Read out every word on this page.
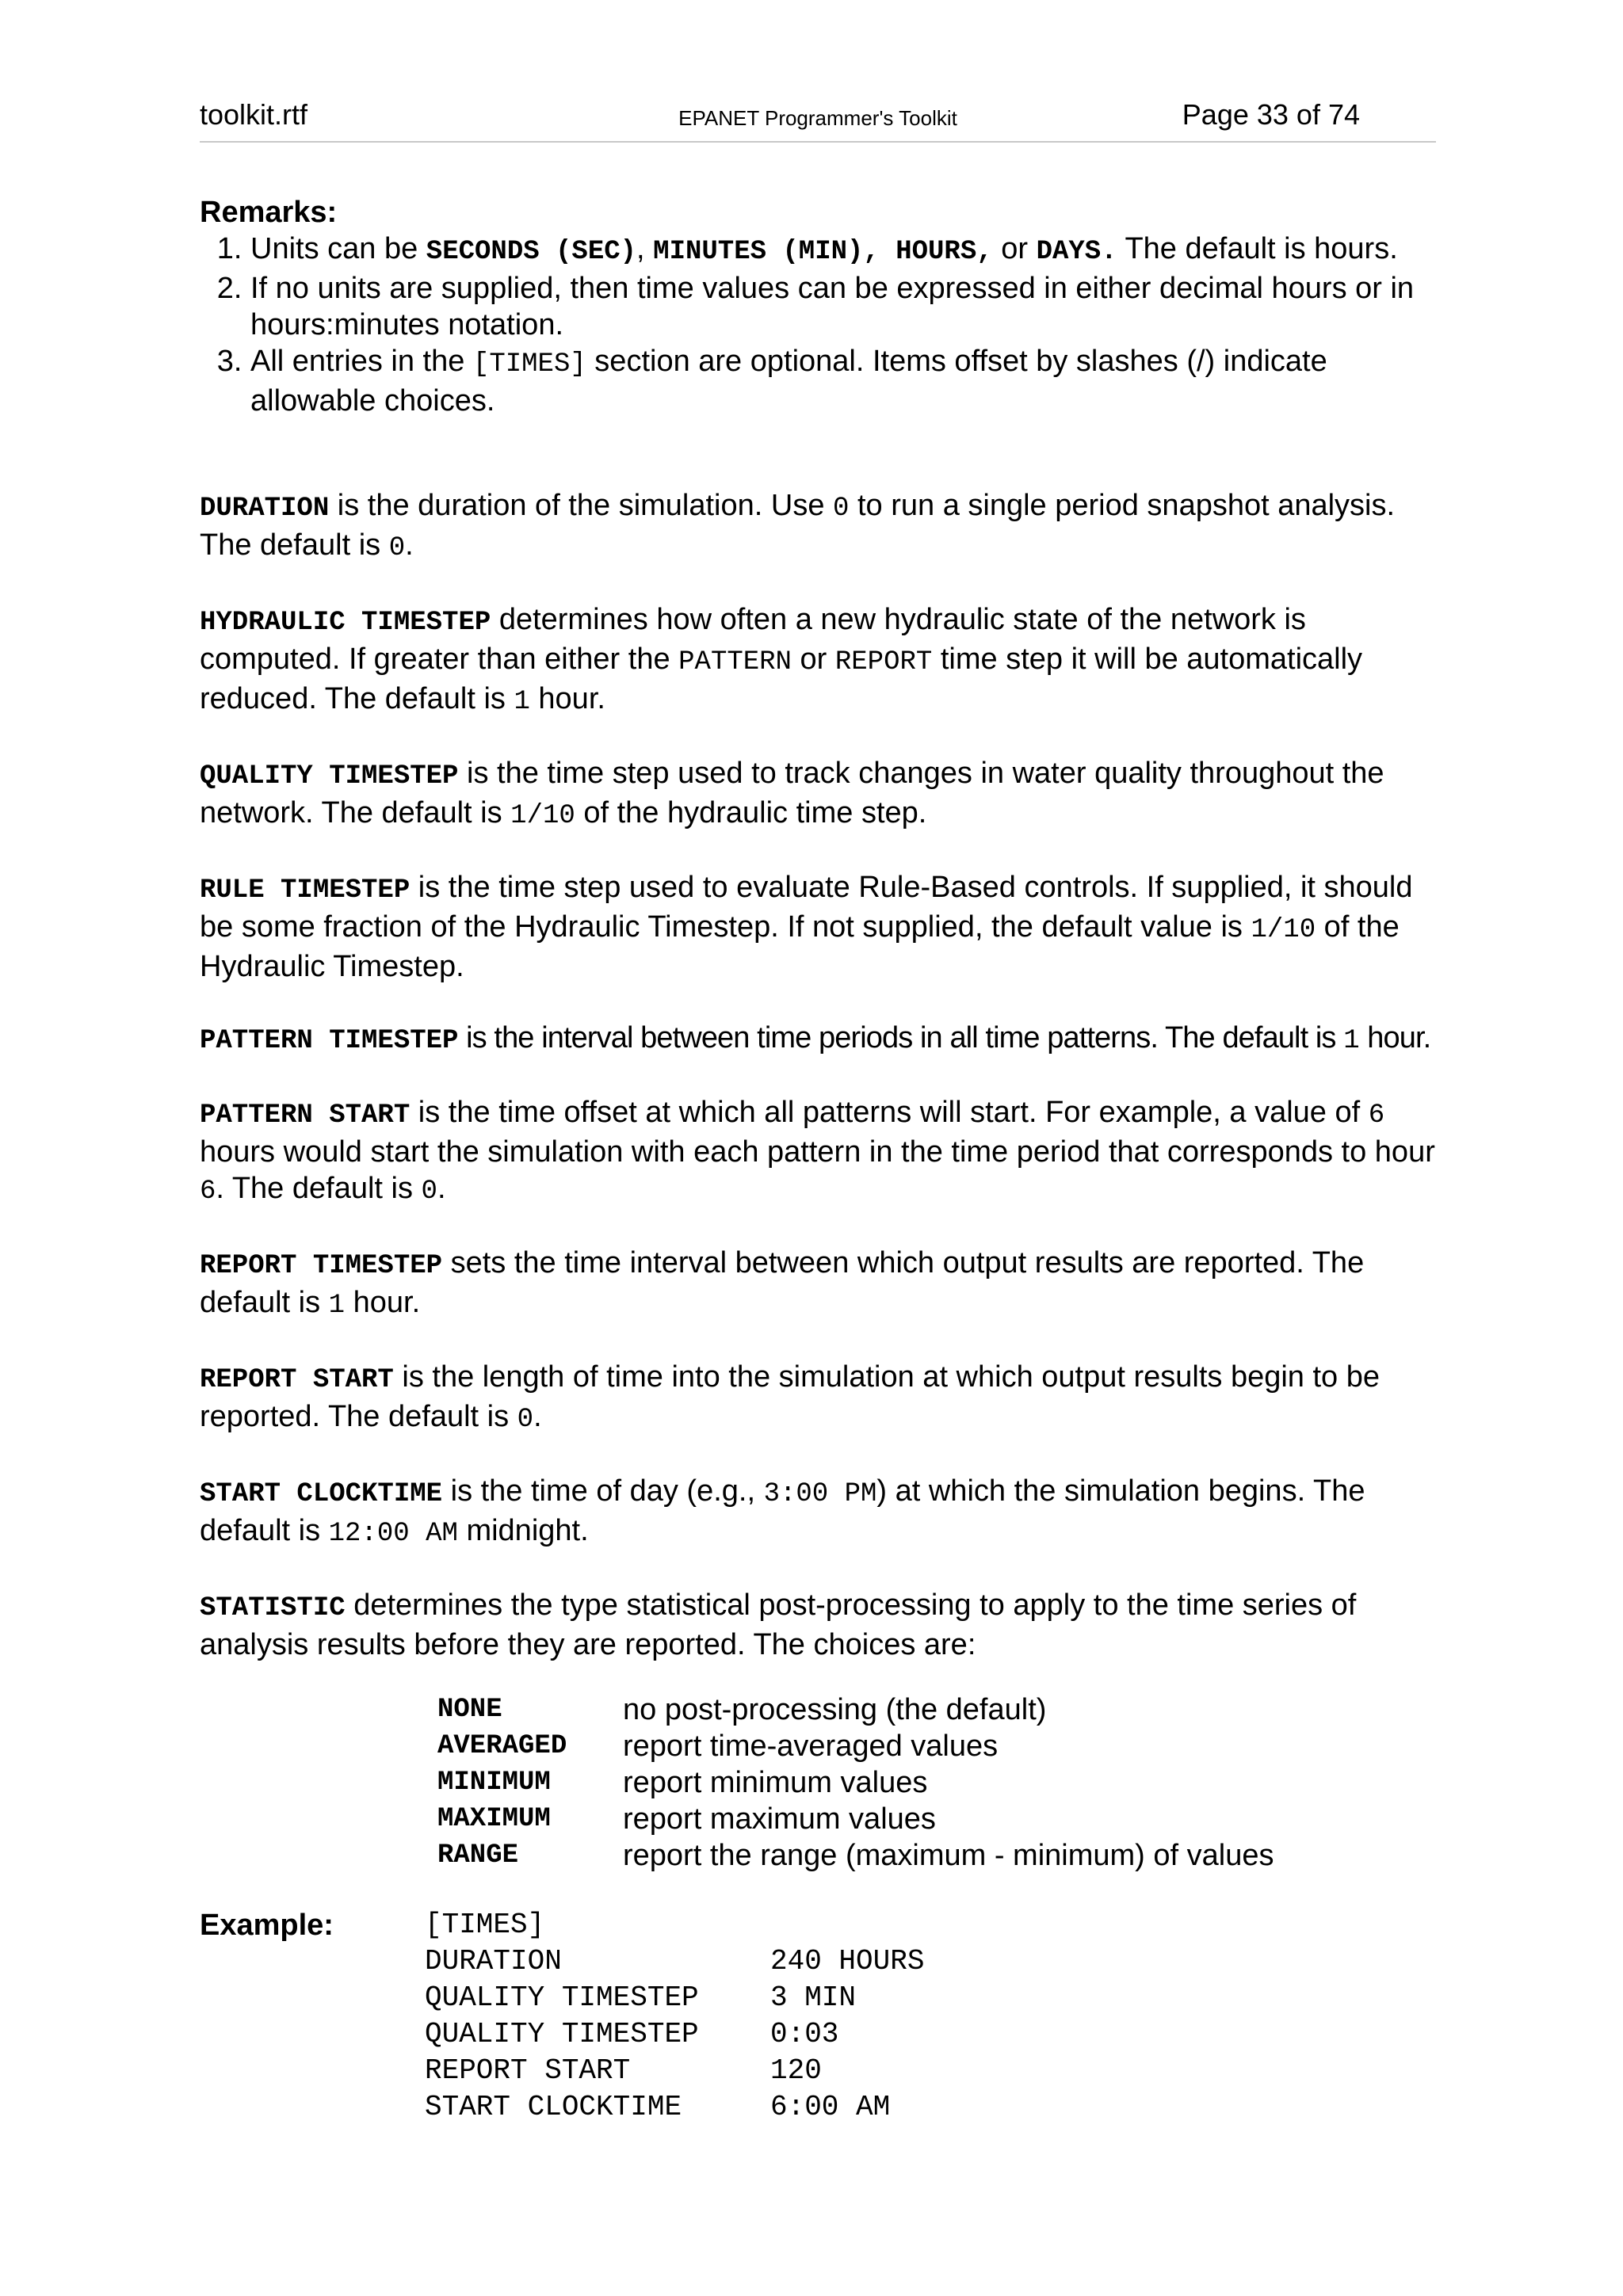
toolkit.rtf	EPANET Programmer's Toolkit	Page 33 of 74

Remarks:

1. Units can be SECONDS (SEC), MINUTES (MIN), HOURS, or DAYS. The default is hours.
2. If no units are supplied, then time values can be expressed in either decimal hours or in hours:minutes notation.
3. All entries in the [TIMES] section are optional. Items offset by slashes (/) indicate allowable choices.

DURATION is the duration of the simulation. Use 0 to run a single period snapshot analysis. The default is 0.

HYDRAULIC TIMESTEP determines how often a new hydraulic state of the network is computed. If greater than either the PATTERN or REPORT time step it will be automatically reduced. The default is 1 hour.

QUALITY TIMESTEP is the time step used to track changes in water quality throughout the network. The default is 1/10 of the hydraulic time step.

RULE TIMESTEP is the time step used to evaluate Rule-Based controls. If supplied, it should be some fraction of the Hydraulic Timestep. If not supplied, the default value is 1/10 of the Hydraulic Timestep.

PATTERN TIMESTEP is the interval between time periods in all time patterns. The default is 1 hour.

PATTERN START is the time offset at which all patterns will start. For example, a value of 6 hours would start the simulation with each pattern in the time period that corresponds to hour 6. The default is 0.

REPORT TIMESTEP sets the time interval between which output results are reported. The default is 1 hour.

REPORT START is the length of time into the simulation at which output results begin to be reported. The default is 0.

START CLOCKTIME is the time of day (e.g., 3:00 PM) at which the simulation begins. The default is 12:00 AM midnight.

STATISTIC determines the type statistical post-processing to apply to the time series of analysis results before they are reported. The choices are:

NONE	no post-processing (the default)
AVERAGED	report time-averaged values
MINIMUM	report minimum values
MAXIMUM	report maximum values
RANGE	report the range (maximum - minimum) of values
Example:	[TIMES]	
DURATION	240 HOURS
QUALITY TIMESTEP	3 MIN
QUALITY TIMESTEP	0:03
REPORT START	120
START CLOCKTIME	6:00 AM
